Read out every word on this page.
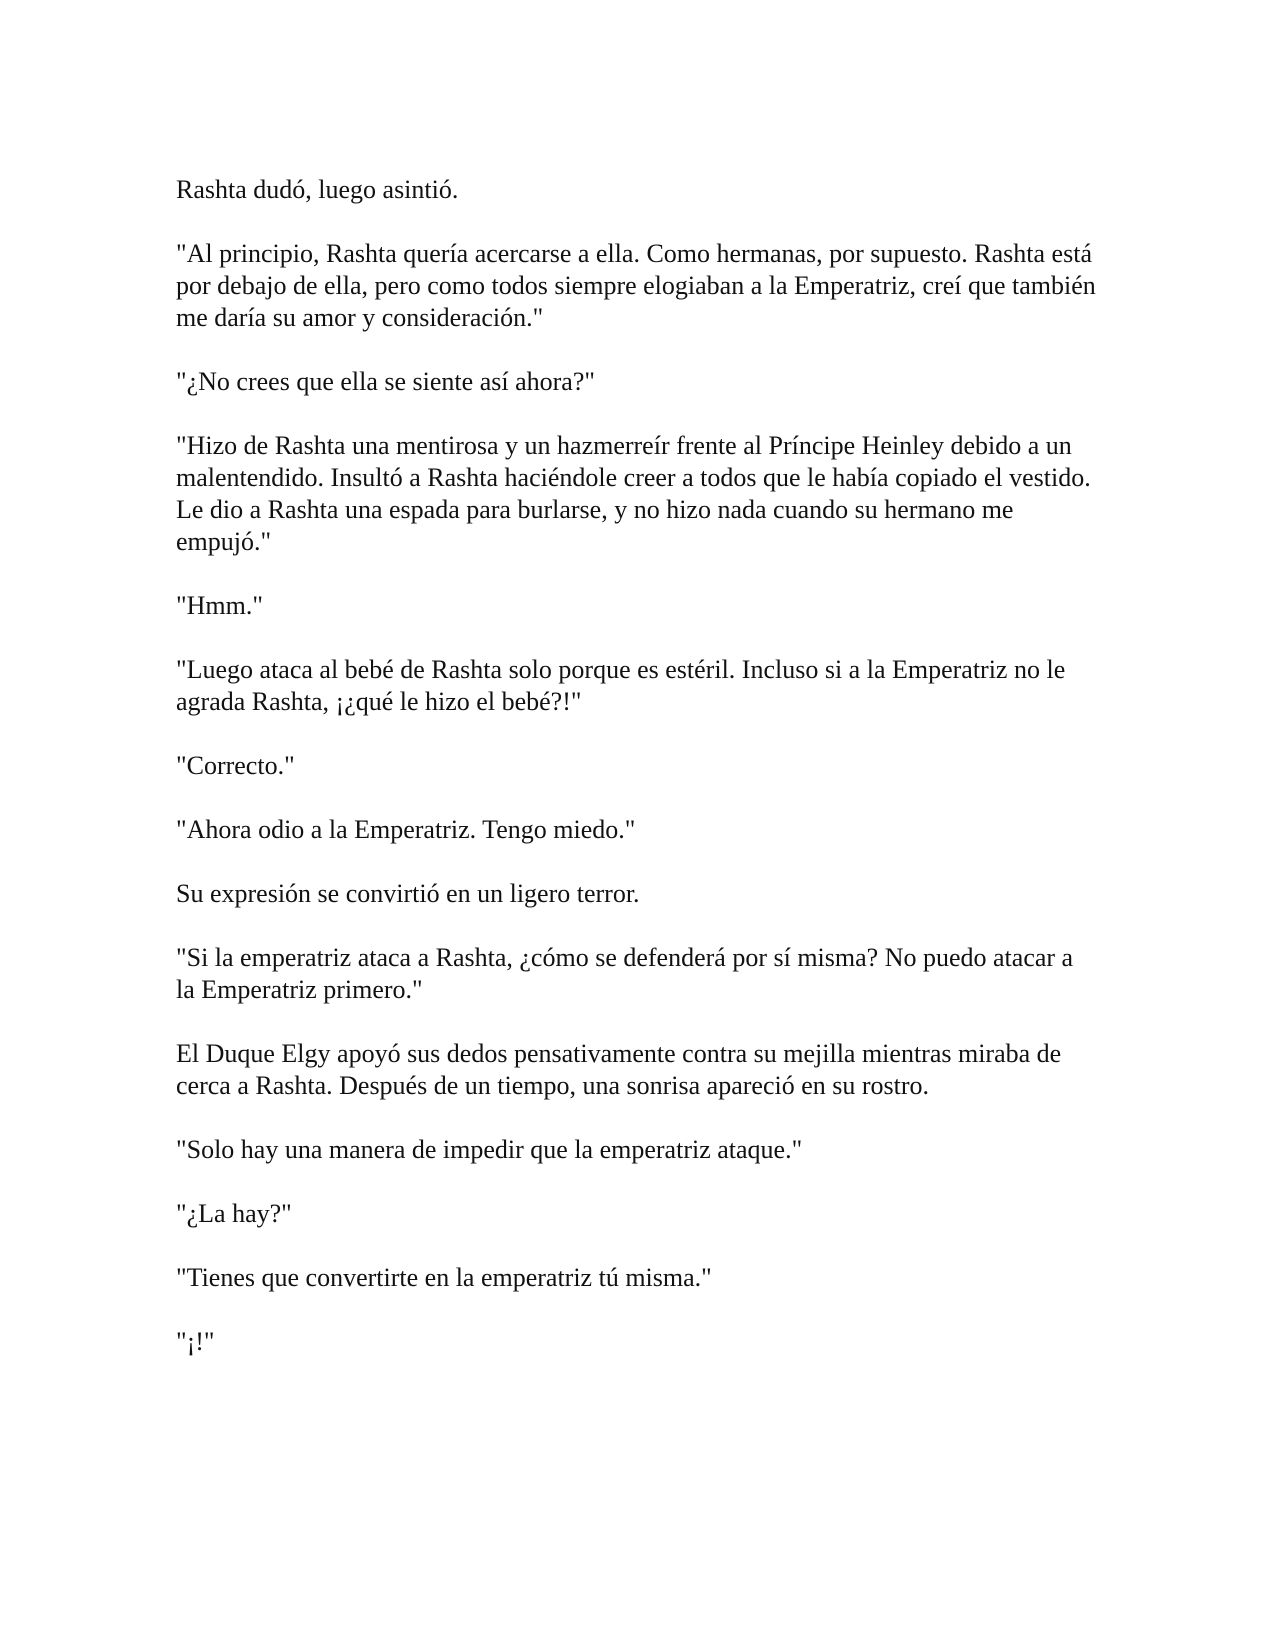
Rashta dudó, luego asintió.

"Al principio, Rashta quería acercarse a ella. Como hermanas, por supuesto. Rashta está por debajo de ella, pero como todos siempre elogiaban a la Emperatriz, creí que también me daría su amor y consideración."

"¿No crees que ella se siente así ahora?"

"Hizo de Rashta una mentirosa y un hazmerreír frente al Príncipe Heinley debido a un malentendido. Insultó a Rashta haciéndole creer a todos que le había copiado el vestido. Le dio a Rashta una espada para burlarse, y no hizo nada cuando su hermano me empujó."

"Hmm."

"Luego ataca al bebé de Rashta solo porque es estéril. Incluso si a la Emperatriz no le agrada Rashta, ¡¿qué le hizo el bebé?!"

"Correcto."

"Ahora odio a la Emperatriz. Tengo miedo."

Su expresión se convirtió en un ligero terror.

"Si la emperatriz ataca a Rashta, ¿cómo se defenderá por sí misma? No puedo atacar a la Emperatriz primero."

El Duque Elgy apoyó sus dedos pensativamente contra su mejilla mientras miraba de cerca a Rashta. Después de un tiempo, una sonrisa apareció en su rostro.

"Solo hay una manera de impedir que la emperatriz ataque."

"¿La hay?"

"Tienes que convertirte en la emperatriz tú misma."

"¡!"
